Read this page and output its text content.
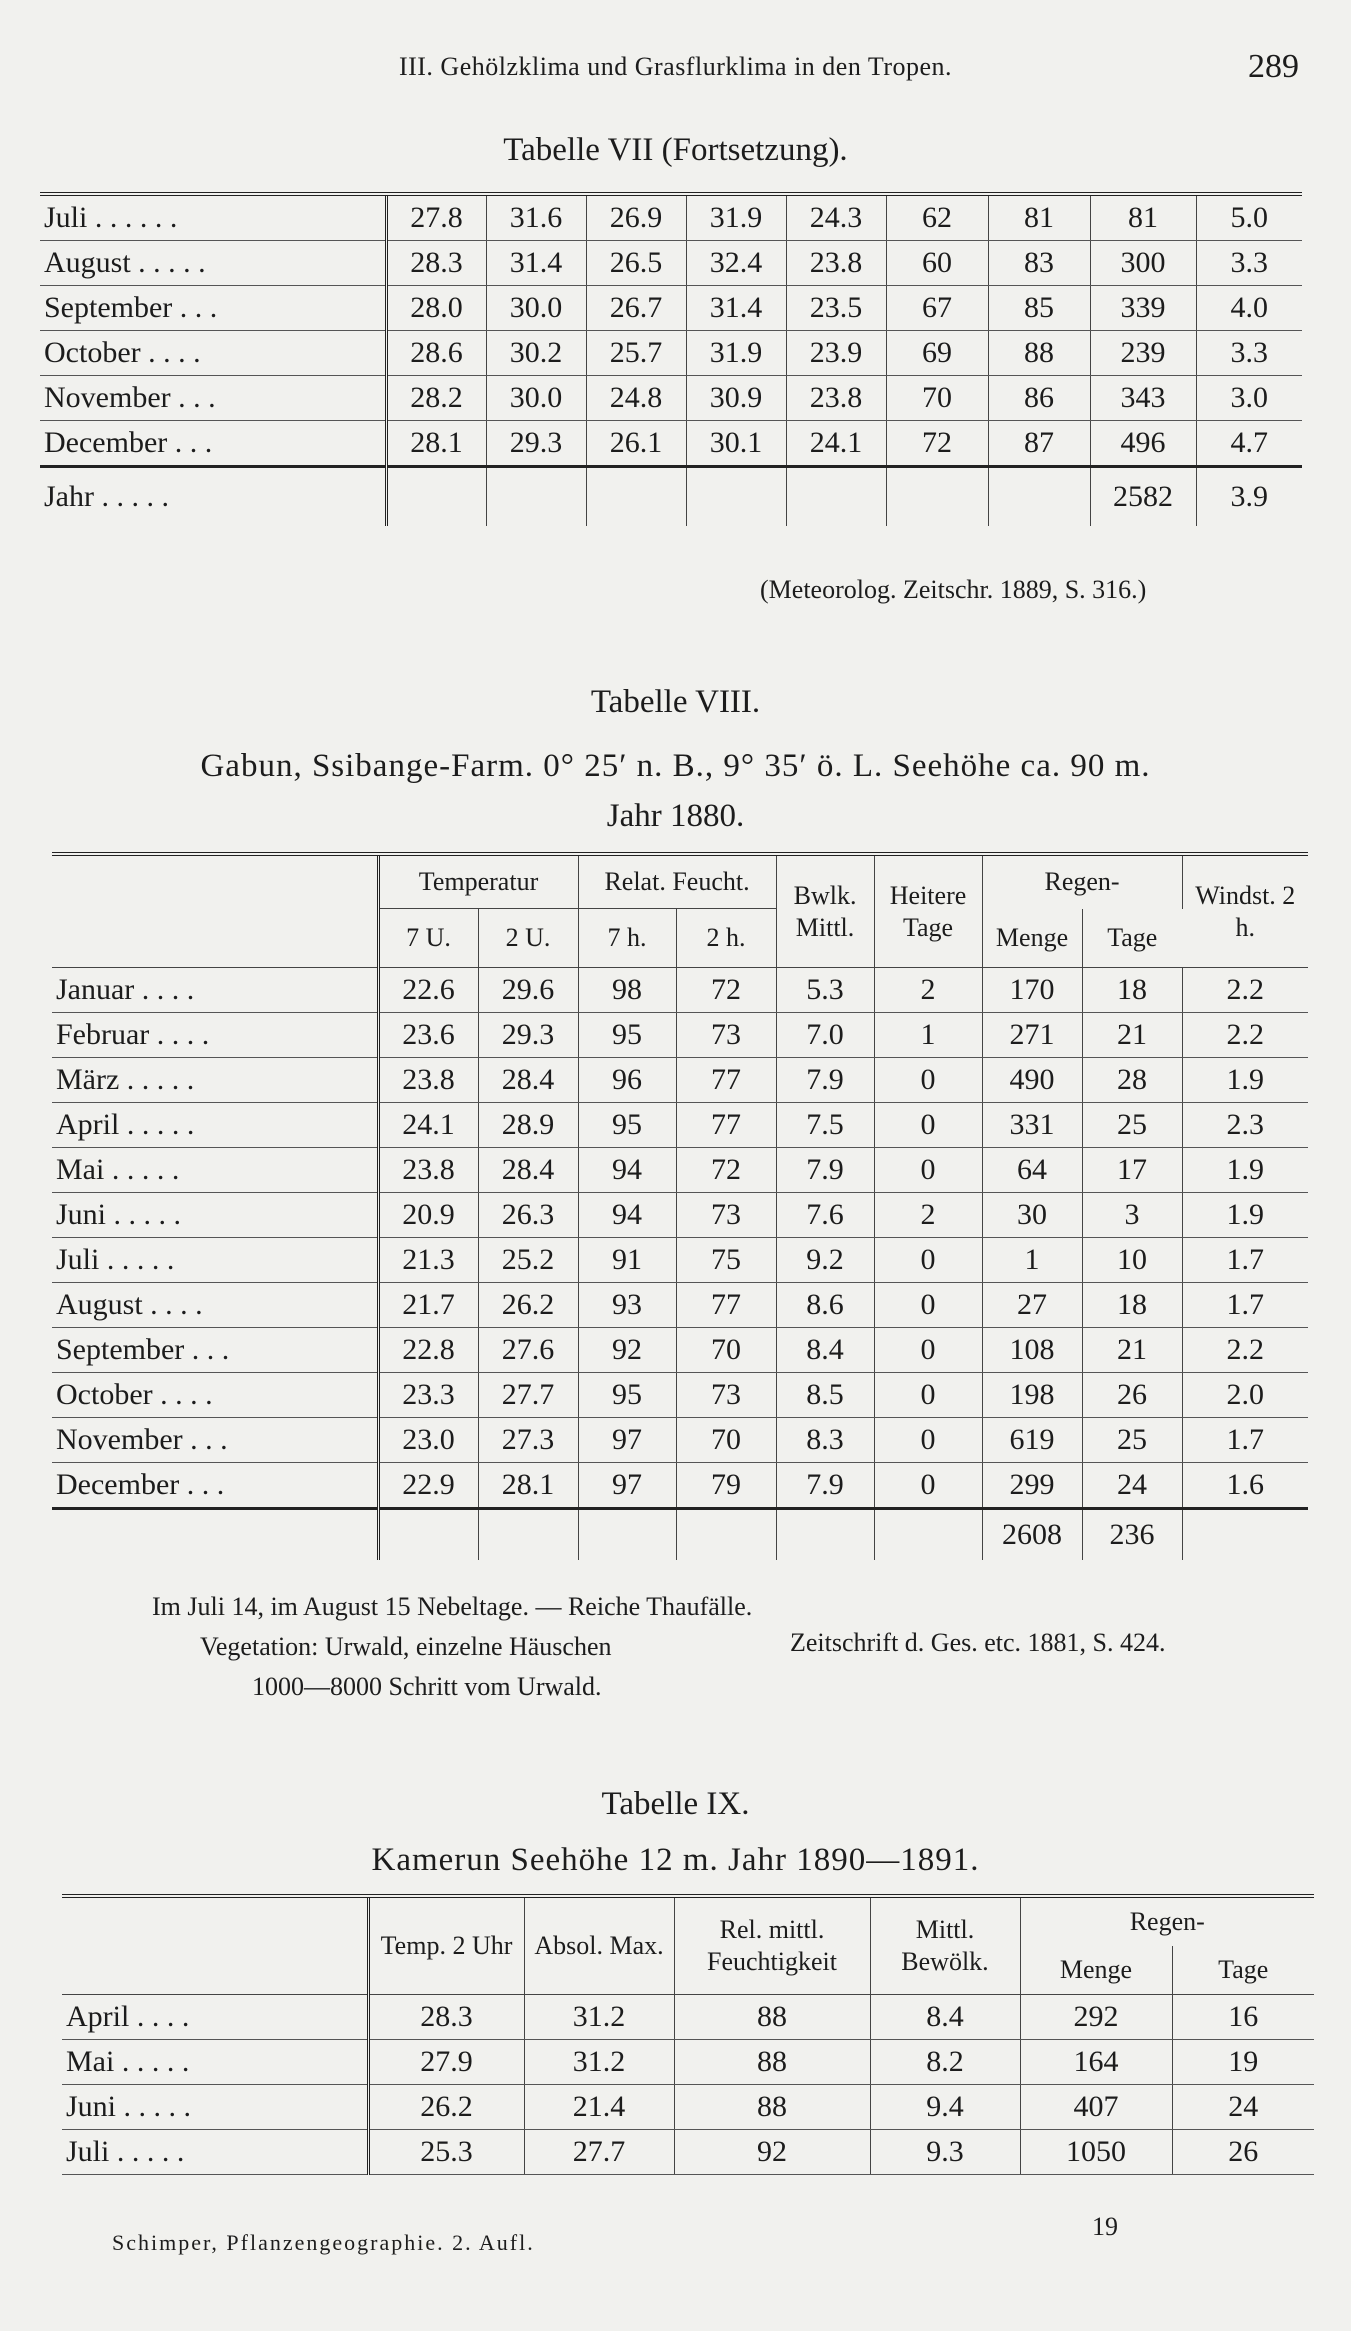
III. Gehölzklima und Grasflurklima in den Tropen.	289
Tabelle VII (Fortsetzung).
Juli . . . . . .	27.8	31.6	26.9	31.9	24.3	62	81	81	5.0
August . . . . .	28.3	31.4	26.5	32.4	23.8	60	83	300	3.3
September . . .	28.0	30.0	26.7	31.4	23.5	67	85	339	4.0
October . . . .	28.6	30.2	25.7	31.9	23.9	69	88	239	3.3
November . . .	28.2	30.0	24.8	30.9	23.8	70	86	343	3.0
December . . .	28.1	29.3	26.1	30.1	24.1	72	87	496	4.7
Jahr . . . . .								2582	3.9
(Meteorolog. Zeitschr. 1889, S. 316.)
Tabelle VIII.
Gabun, Ssibange-Farm. 0° 25′ n. B., 9° 35′ ö. L. Seehöhe ca. 90 m.
Jahr 1880.
	Temperatur		Relat. Feucht.		Bwlk. Mittl.	Heitere Tage	Regen-		Windst. 2 h.
	7 U.	2 U.	7 h.	2 h.			Menge	Tage	
Januar . . . .	22.6	29.6	98	72	5.3	2	170	18	2.2
Februar . . . .	23.6	29.3	95	73	7.0	1	271	21	2.2
März . . . . .	23.8	28.4	96	77	7.9	0	490	28	1.9
April . . . . .	24.1	28.9	95	77	7.5	0	331	25	2.3
Mai . . . . .	23.8	28.4	94	72	7.9	0	64	17	1.9
Juni . . . . .	20.9	26.3	94	73	7.6	2	30	3	1.9
Juli . . . . .	21.3	25.2	91	75	9.2	0	1	10	1.7
August . . . .	21.7	26.2	93	77	8.6	0	27	18	1.7
September . . .	22.8	27.6	92	70	8.4	0	108	21	2.2
October . . . .	23.3	27.7	95	73	8.5	0	198	26	2.0
November . . .	23.0	27.3	97	70	8.3	0	619	25	1.7
December . . .	22.9	28.1	97	79	7.9	0	299	24	1.6
							2608	236	
Im Juli 14, im August 15 Nebeltage. — Reiche Thaufälle.
Vegetation: Urwald, einzelne Häuschen	Zeitschrift d. Ges. etc. 1881, S. 424.
1000—8000 Schritt vom Urwald.
Tabelle IX.
Kamerun Seehöhe 12 m. Jahr 1890—1891.
	Temp. 2 Uhr	Absol. Max.	Rel. mittl. Feuchtigkeit	Mittl. Bewölk.	Regen-	
					Menge	Tage
April . . . .	28.3	31.2	88	8.4	292	16
Mai . . . . .	27.9	31.2	88	8.2	164	19
Juni . . . . .	26.2	21.4	88	9.4	407	24
Juli . . . . .	25.3	27.7	92	9.3	1050	26
Schimper, Pflanzengeographie. 2. Aufl.
19
